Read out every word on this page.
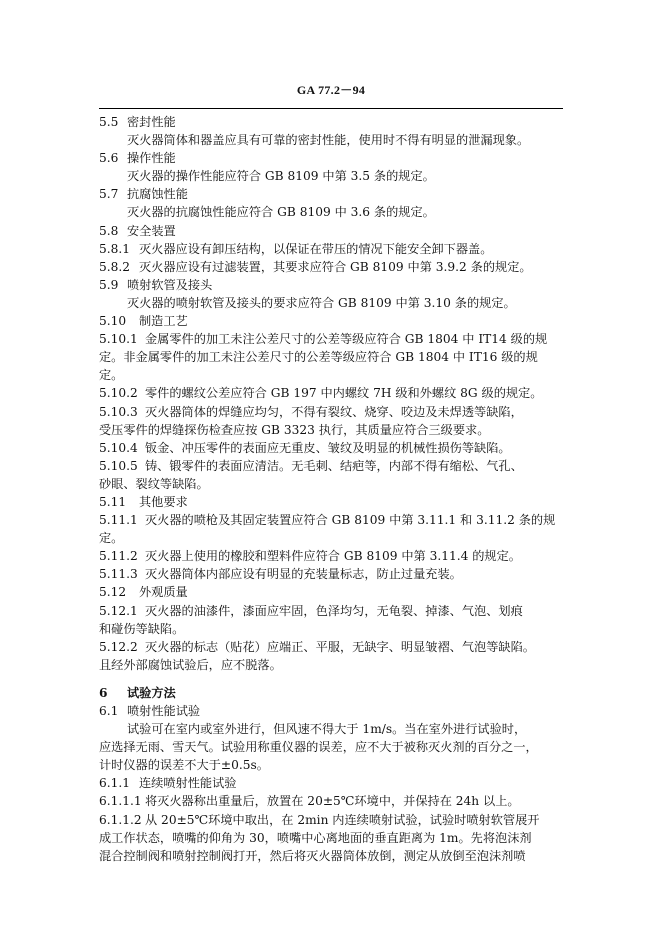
GA 77.2－94
5.5 密封性能
灭火器筒体和器盖应具有可靠的密封性能，使用时不得有明显的泄漏现象。
5.6 操作性能
灭火器的操作性能应符合 GB 8109 中第 3.5 条的规定。
5.7 抗腐蚀性能
灭火器的抗腐蚀性能应符合 GB 8109 中 3.6 条的规定。
5.8 安全装置
5.8.1 灭火器应设有卸压结构，以保证在带压的情况下能安全卸下器盖。
5.8.2 灭火器应设有过滤装置，其要求应符合 GB 8109 中第 3.9.2 条的规定。
5.9 喷射软管及接头
灭火器的喷射软管及接头的要求应符合 GB 8109 中第 3.10 条的规定。
5.10 制造工艺
5.10.1 金属零件的加工未注公差尺寸的公差等级应符合 GB 1804 中 IT14 级的规
定。非金属零件的加工未注公差尺寸的公差等级应符合 GB 1804 中 IT16 级的规
定。
5.10.2 零件的螺纹公差应符合 GB 197 中内螺纹 7H 级和外螺纹 8G 级的规定。
5.10.3 灭火器筒体的焊缝应均匀，不得有裂纹、烧穿、咬边及未焊透等缺陷，
受压零件的焊缝探伤检查应按 GB 3323 执行，其质量应符合三级要求。
5.10.4 钣金、冲压零件的表面应无重皮、皱纹及明显的机械性损伤等缺陷。
5.10.5 铸、锻零件的表面应清洁。无毛刺、结疤等，内部不得有缩松、气孔、
砂眼、裂纹等缺陷。
5.11 其他要求
5.11.1 灭火器的喷枪及其固定装置应符合 GB 8109 中第 3.11.1 和 3.11.2 条的规
定。
5.11.2 灭火器上使用的橡胶和塑料件应符合 GB 8109 中第 3.11.4 的规定。
5.11.3 灭火器筒体内部应设有明显的充装量标志，防止过量充装。
5.12 外观质量
5.12.1 灭火器的油漆件，漆面应牢固，色泽均匀，无龟裂、掉漆、气泡、划痕
和碰伤等缺陷。
5.12.2 灭火器的标志（贴花）应端正、平服，无缺字、明显皱褶、气泡等缺陷。
且经外部腐蚀试验后，应不脱落。
6 试验方法
6.1 喷射性能试验
试验可在室内或室外进行，但风速不得大于 1m/s。当在室外进行试验时，
应选择无雨、雪天气。试验用称重仪器的误差，应不大于被称灭火剂的百分之一，
计时仪器的误差不大于±0.5s。
6.1.1 连续喷射性能试验
6.1.1.1 将灭火器称出重量后，放置在 20±5℃环境中，并保持在 24h 以上。
6.1.1.2 从 20±5℃环境中取出，在 2min 内连续喷射试验，试验时喷射软管展开
成工作状态，喷嘴的仰角为 30，喷嘴中心离地面的垂直距离为 1m。先将泡沫剂
混合控制阀和喷射控制阀打开，然后将灭火器筒体放倒，测定从放倒至泡沫剂喷
